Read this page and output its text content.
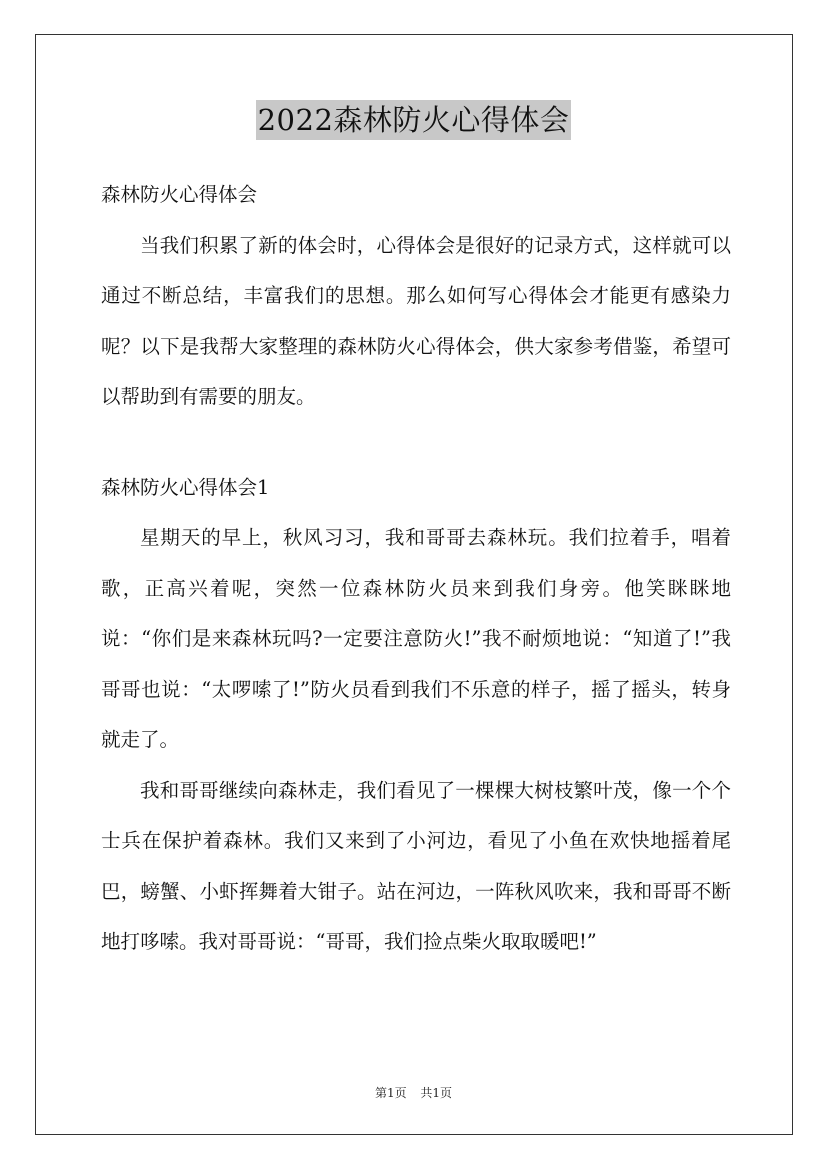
2022森林防火心得体会

森林防火心得体会

当我们积累了新的体会时，心得体会是很好的记录方式，这样就可以通过不断总结，丰富我们的思想。那么如何写心得体会才能更有感染力呢？以下是我帮大家整理的森林防火心得体会，供大家参考借鉴，希望可以帮助到有需要的朋友。

森林防火心得体会1

星期天的早上，秋风习习，我和哥哥去森林玩。我们拉着手，唱着歌，正高兴着呢，突然一位森林防火员来到我们身旁。他笑眯眯地说：“你们是来森林玩吗?一定要注意防火!”我不耐烦地说：“知道了!”我哥哥也说：“太啰嗦了!”防火员看到我们不乐意的样子，摇了摇头，转身就走了。

我和哥哥继续向森林走，我们看见了一棵棵大树枝繁叶茂，像一个个士兵在保护着森林。我们又来到了小河边，看见了小鱼在欢快地摇着尾巴，螃蟹、小虾挥舞着大钳子。站在河边，一阵秋风吹来，我和哥哥不断地打哆嗦。我对哥哥说：“哥哥，我们捡点柴火取取暖吧!”

第1页 共1页
